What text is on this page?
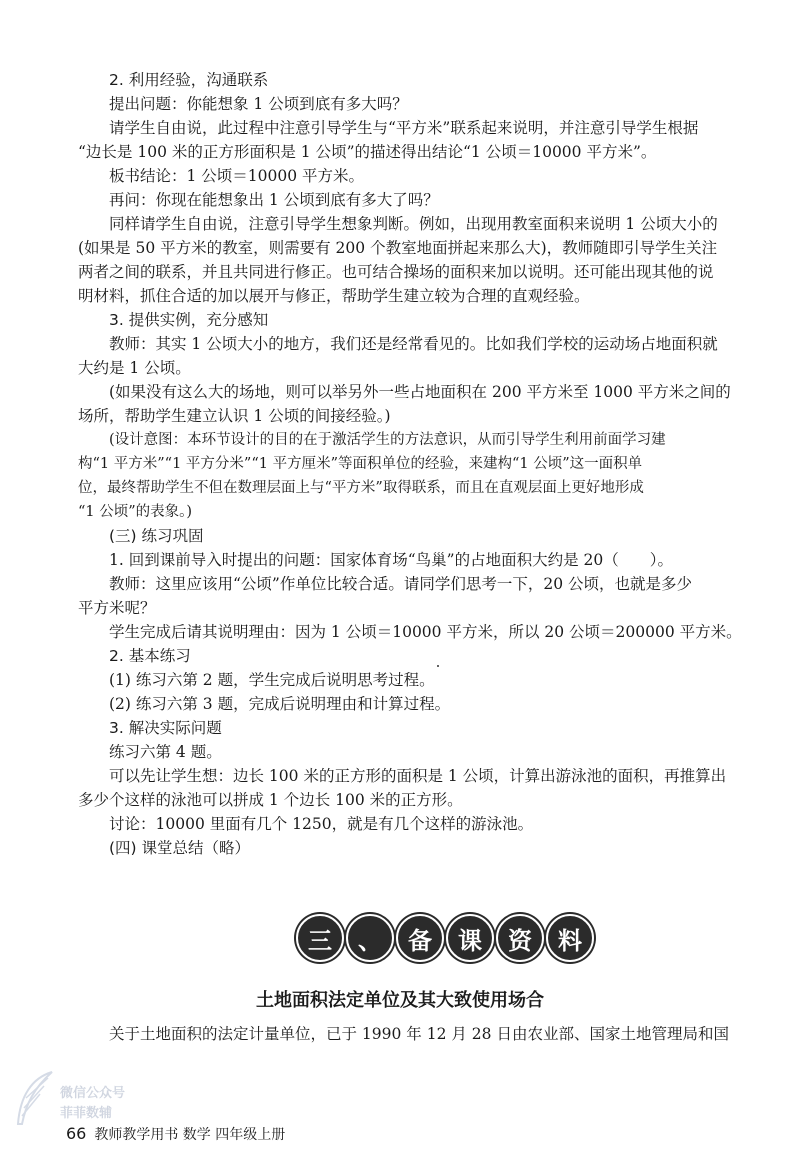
2. 利用经验，沟通联系

提出问题：你能想象 1 公顷到底有多大吗？

请学生自由说，此过程中注意引导学生与“平方米”联系起来说明，并注意引导学生根据

“边长是 100 米的正方形面积是 1 公顷”的描述得出结论“1 公顷＝10000 平方米”。

板书结论：1 公顷＝10000 平方米。

再问：你现在能想象出 1 公顷到底有多大了吗？

同样请学生自由说，注意引导学生想象判断。例如，出现用教室面积来说明 1 公顷大小的

(如果是 50 平方米的教室，则需要有 200 个教室地面拼起来那么大)，教师随即引导学生关注

两者之间的联系，并且共同进行修正。也可结合操场的面积来加以说明。还可能出现其他的说

明材料，抓住合适的加以展开与修正，帮助学生建立较为合理的直观经验。

3. 提供实例，充分感知

教师：其实 1 公顷大小的地方，我们还是经常看见的。比如我们学校的运动场占地面积就

大约是 1 公顷。

(如果没有这么大的场地，则可以举另外一些占地面积在 200 平方米至 1000 平方米之间的

场所，帮助学生建立认识 1 公顷的间接经验。)

(设计意图：本环节设计的目的在于激活学生的方法意识，从而引导学生利用前面学习建

构“1 平方米”“1 平方分米”“1 平方厘米”等面积单位的经验，来建构“1 公顷”这一面积单

位，最终帮助学生不但在数理层面上与“平方米”取得联系，而且在直观层面上更好地形成

“1 公顷”的表象。)

(三) 练习巩固

1. 回到课前导入时提出的问题：国家体育场“鸟巢”的占地面积大约是 20（　　）。

教师：这里应该用“公顷”作单位比较合适。请同学们思考一下，20 公顷，也就是多少

平方米呢？

学生完成后请其说明理由：因为 1 公顷＝10000 平方米，所以 20 公顷＝200000 平方米。

2. 基本练习

(1) 练习六第 2 题，学生完成后说明思考过程。

(2) 练习六第 3 题，完成后说明理由和计算过程。

3. 解决实际问题

练习六第 4 题。

可以先让学生想：边长 100 米的正方形的面积是 1 公顷，计算出游泳池的面积，再推算出

多少个这样的泳池可以拼成 1 个边长 100 米的正方形。

讨论：10000 里面有几个 1250，就是有几个这样的游泳池。

(四) 课堂总结（略）

三	、	备	课	资	料
土地面积法定单位及其大致使用场合

关于土地面积的法定计量单位，已于 1990 年 12 月 28 日由农业部、国家土地管理局和国

微信公众号
菲菲数辅
66 教师教学用书 数学 四年级上册
